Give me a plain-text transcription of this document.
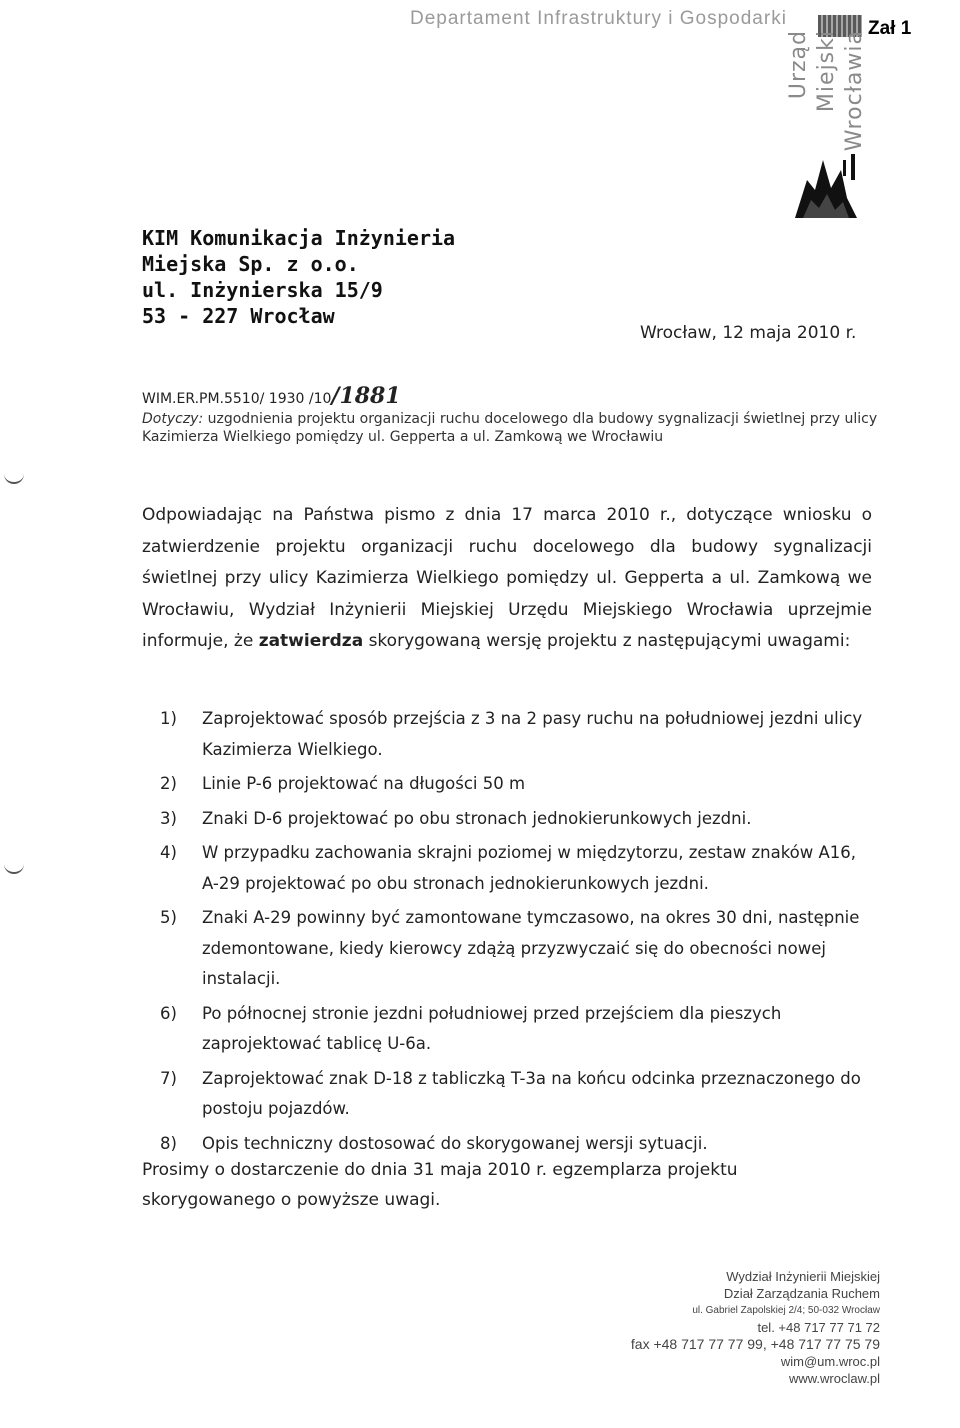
Departament Infrastruktury i Gospodarki	Zał 1
Urząd Miejski Wrocławia
KIM Komunikacja Inżynieria
Miejska Sp. z o.o.
ul. Inżynierska 15/9
53 - 227 Wrocław
Wrocław, 12 maja 2010 r.
WIM.ER.PM.5510/ 1930 /10/1881
Dotyczy: uzgodnienia projektu organizacji ruchu docelowego dla budowy sygnalizacji świetlnej przy ulicy Kazimierza Wielkiego pomiędzy ul. Gepperta a ul. Zamkową we Wrocławiu
Odpowiadając na Państwa pismo z dnia 17 marca 2010 r., dotyczące wniosku o zatwierdzenie projektu organizacji ruchu docelowego dla budowy sygnalizacji świetlnej przy ulicy Kazimierza Wielkiego pomiędzy ul. Gepperta a ul. Zamkową we Wrocławiu, Wydział Inżynierii Miejskiej Urzędu Miejskiego Wrocławia uprzejmie informuje, że zatwierdza skorygowaną wersję projektu z następującymi uwagami:
1)	Zaprojektować sposób przejścia z 3 na 2 pasy ruchu na południowej jezdni ulicy Kazimierza Wielkiego.
2)	Linie P-6 projektować na długości 50 m
3)	Znaki D-6 projektować po obu stronach jednokierunkowych jezdni.
4)	W przypadku zachowania skrajni poziomej w międzytorzu, zestaw znaków A16, A-29 projektować po obu stronach jednokierunkowych jezdni.
5)	Znaki A-29 powinny być zamontowane tymczasowo, na okres 30 dni, następnie zdemontowane, kiedy kierowcy zdążą przyzwyczaić się do obecności nowej instalacji.
6)	Po północnej stronie jezdni południowej przed przejściem dla pieszych zaprojektować tablicę U-6a.
7)	Zaprojektować znak D-18 z tabliczką T-3a na końcu odcinka przeznaczonego do postoju pojazdów.
8)	Opis techniczny dostosować do skorygowanej wersji sytuacji.
Prosimy o dostarczenie do dnia 31 maja 2010 r. egzemplarza projektu skorygowanego o powyższe uwagi.
Wydział Inżynierii Miejskiej
Dział Zarządzania Ruchem
ul. Gabriel Zapolskiej 2/4; 50-032 Wrocław
tel. +48 717 77 71 72
fax +48 717 77 77 99, +48 717 77 75 79
wim@um.wroc.pl
www.wroclaw.pl
